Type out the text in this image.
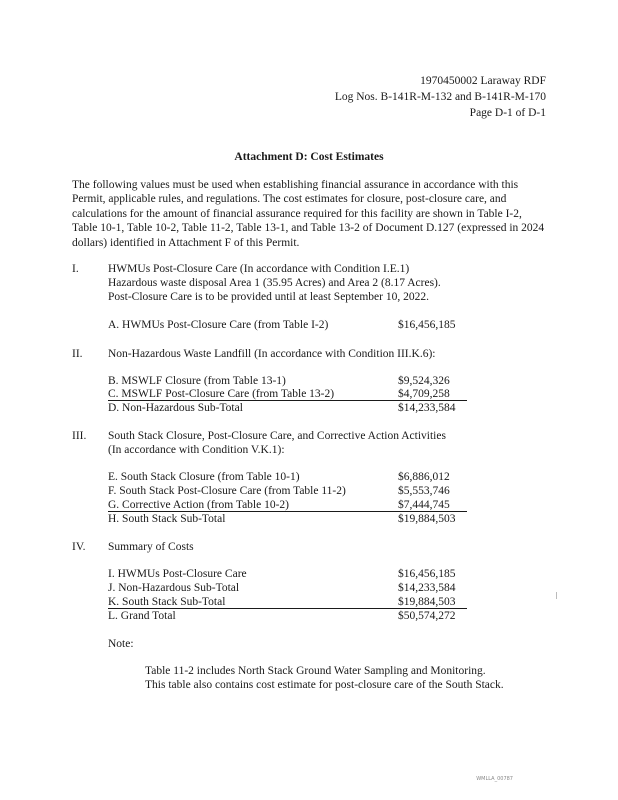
1970450002 Laraway RDF
Log Nos. B-141R-M-132 and B-141R-M-170
Page D-1 of D-1
Attachment D: Cost Estimates
The following values must be used when establishing financial assurance in accordance with this Permit, applicable rules, and regulations. The cost estimates for closure, post-closure care, and calculations for the amount of financial assurance required for this facility are shown in Table I-2, Table 10-1, Table 10-2, Table 11-2, Table 13-1, and Table 13-2 of Document D.127 (expressed in 2024 dollars) identified in Attachment F of this Permit.
I.	HWMUs Post-Closure Care (In accordance with Condition I.E.1)
Hazardous waste disposal Area 1 (35.95 Acres) and Area 2 (8.17 Acres).
Post-Closure Care is to be provided until at least September 10, 2022.
A. HWMUs Post-Closure Care (from Table I-2)	$16,456,185
II. Non-Hazardous Waste Landfill (In accordance with Condition III.K.6):
B. MSWLF Closure (from Table 13-1)	$9,524,326
C. MSWLF Post-Closure Care (from Table 13-2)	$4,709,258
D. Non-Hazardous Sub-Total	$14,233,584
III. South Stack Closure, Post-Closure Care, and Corrective Action Activities
(In accordance with Condition V.K.1):
E. South Stack Closure (from Table 10-1)	$6,886,012
F. South Stack Post-Closure Care (from Table 11-2)	$5,553,746
G. Corrective Action (from Table 10-2)	$7,444,745
H. South Stack Sub-Total	$19,884,503
IV. Summary of Costs
I. HWMUs Post-Closure Care	$16,456,185
J. Non-Hazardous Sub-Total	$14,233,584
K. South Stack Sub-Total	$19,884,503
L. Grand Total	$50,574,272
Note:
Table 11-2 includes North Stack Ground Water Sampling and Monitoring.
This table also contains cost estimate for post-closure care of the South Stack.
WMLLA_00787
